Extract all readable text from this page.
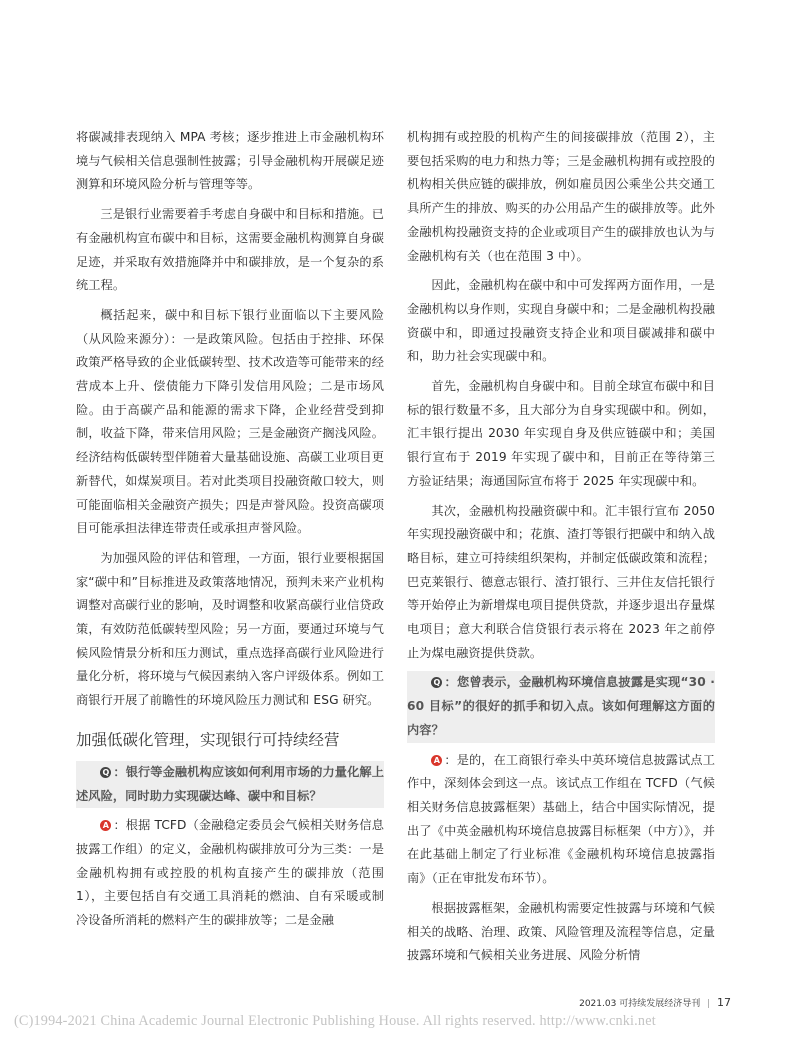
将碳减排表现纳入 MPA 考核；逐步推进上市金融机构环境与气候相关信息强制性披露；引导金融机构开展碳足迹测算和环境风险分析与管理等等。

三是银行业需要着手考虑自身碳中和目标和措施。已有金融机构宣布碳中和目标，这需要金融机构测算自身碳足迹，并采取有效措施降并中和碳排放，是一个复杂的系统工程。

概括起来，碳中和目标下银行业面临以下主要风险（从风险来源分）：一是政策风险。包括由于控排、环保政策严格导致的企业低碳转型、技术改造等可能带来的经营成本上升、偿债能力下降引发信用风险；二是市场风险。由于高碳产品和能源的需求下降，企业经营受到抑制，收益下降，带来信用风险；三是金融资产搁浅风险。经济结构低碳转型伴随着大量基础设施、高碳工业项目更新替代，如煤炭项目。若对此类项目投融资敞口较大，则可能面临相关金融资产损失；四是声誉风险。投资高碳项目可能承担法律连带责任或承担声誉风险。

为加强风险的评估和管理，一方面，银行业要根据国家“碳中和”目标推进及政策落地情况，预判未来产业机构调整对高碳行业的影响，及时调整和收紧高碳行业信贷政策，有效防范低碳转型风险；另一方面，要通过环境与气候风险情景分析和压力测试，重点选择高碳行业风险进行量化分析，将环境与气候因素纳入客户评级体系。例如工商银行开展了前瞻性的环境风险压力测试和 ESG 研究。

加强低碳化管理，实现银行可持续经营

Q ：银行等金融机构应该如何利用市场的力量化解上述风险，同时助力实现碳达峰、碳中和目标？

A ：根据 TCFD（金融稳定委员会气候相关财务信息披露工作组）的定义，金融机构碳排放可分为三类：一是金融机构拥有或控股的机构直接产生的碳排放（范围 1），主要包括自有交通工具消耗的燃油、自有采暖或制冷设备所消耗的燃料产生的碳排放等；二是金融

机构拥有或控股的机构产生的间接碳排放（范围 2），主要包括采购的电力和热力等；三是金融机构拥有或控股的机构相关供应链的碳排放，例如雇员因公乘坐公共交通工具所产生的排放、购买的办公用品产生的碳排放等。此外金融机构投融资支持的企业或项目产生的碳排放也认为与金融机构有关（也在范围 3 中）。

因此，金融机构在碳中和中可发挥两方面作用，一是金融机构以身作则，实现自身碳中和；二是金融机构投融资碳中和，即通过投融资支持企业和项目碳减排和碳中和，助力社会实现碳中和。

首先，金融机构自身碳中和。目前全球宣布碳中和目标的银行数量不多，且大部分为自身实现碳中和。例如，汇丰银行提出 2030 年实现自身及供应链碳中和；美国银行宣布于 2019 年实现了碳中和，目前正在等待第三方验证结果；海通国际宣布将于 2025 年实现碳中和。

其次，金融机构投融资碳中和。汇丰银行宣布 2050 年实现投融资碳中和；花旗、渣打等银行把碳中和纳入战略目标，建立可持续组织架构，并制定低碳政策和流程；巴克莱银行、德意志银行、渣打银行、三井住友信托银行等开始停止为新增煤电项目提供贷款，并逐步退出存量煤电项目；意大利联合信贷银行表示将在 2023 年之前停止为煤电融资提供贷款。

Q ：您曾表示，金融机构环境信息披露是实现“30 · 60 目标”的很好的抓手和切入点。该如何理解这方面的内容？

A ：是的，在工商银行牵头中英环境信息披露试点工作中，深刻体会到这一点。该试点工作组在 TCFD（气候相关财务信息披露框架）基础上，结合中国实际情况，提出了《中英金融机构环境信息披露目标框架（中方）》，并在此基础上制定了行业标准《金融机构环境信息披露指南》（正在审批发布环节）。

根据披露框架，金融机构需要定性披露与环境和气候相关的战略、治理、政策、风险管理及流程等信息，定量披露环境和气候相关业务进展、风险分析情

2021.03 可持续发展经济导刊 | 17
(C)1994-2021 China Academic Journal Electronic Publishing House. All rights reserved. http://www.cnki.net
